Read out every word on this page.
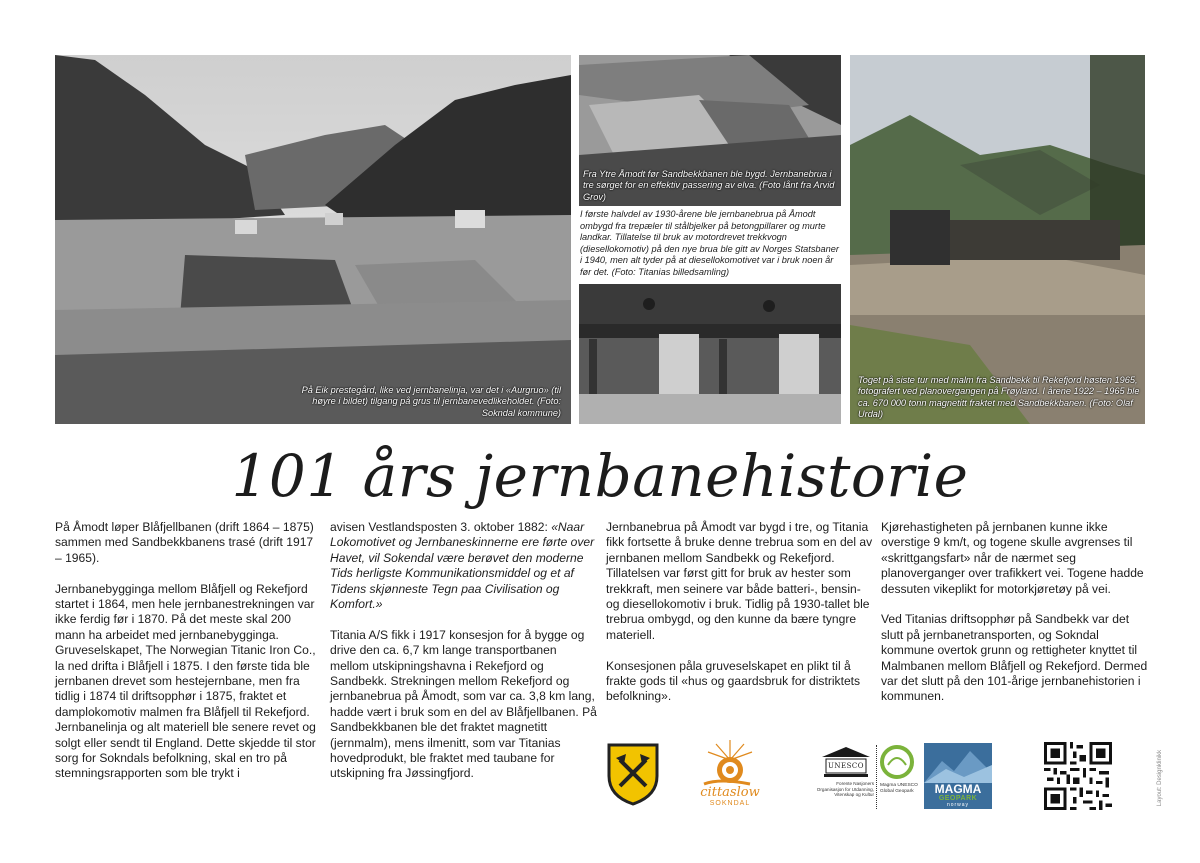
På Eik prestegård, like ved jernbanelinja, var det i «Aurgruo» (til høyre i bildet) tilgang på grus til jernbanevedlikeholdet. (Foto: Sokndal kommune)
Fra Ytre Åmodt før Sandbekkbanen ble bygd. Jernbanebrua i tre sørget for en effektiv passering av elva. (Foto lånt fra Arvid Grov)
I første halvdel av 1930-årene ble jernbanebrua på Åmodt ombygd fra trepæler til stålbjelker på betongpillarer og murte landkar. Tillatelse til bruk av motordrevet trekkvogn (diesellokomotiv) på den nye brua ble gitt av Norges Statsbaner i 1940, men alt tyder på at diesellokomotivet var i bruk noen år før det. (Foto: Titanias billedsamling)
Toget på siste tur med malm fra Sandbekk til Rekefjord høsten 1965, fotografert ved planovergangen på Frøyland. I årene 1922 – 1965 ble ca. 670 000 tonn magnetitt fraktet med Sandbekkbanen. (Foto: Olaf Urdal)
101 års jernbanehistorie

På Åmodt løper Blåfjellbanen (drift 1864 – 1875) sammen med Sandbekkbanens trasé (drift 1917 – 1965).

Jernbanebygginga mellom Blåfjell og Rekefjord startet i 1864, men hele jernbanestrekningen var ikke ferdig før i 1870. På det meste skal 200 mann ha arbeidet med jernbanebygginga. Gruveselskapet, The Norwegian Titanic Iron Co., la ned drifta i Blåfjell i 1875. I den første tida ble jernbanen drevet som hestejernbane, men fra tidlig i 1874 til driftsopphør i 1875, fraktet et damplokomotiv malmen fra Blåfjell til Rekefjord. Jernbanelinja og alt materiell ble senere revet og solgt eller sendt til England. Dette skjedde til stor sorg for Sokndals befolkning, skal en tro på stemningsrapporten som ble trykt i

avisen Vestlandsposten 3. oktober 1882: «Naar Lokomotivet og Jernbaneskinnerne ere førte over Havet, vil Sokendal være berøvet den moderne Tids herligste Kommunikationsmiddel og et af Tidens skjønneste Tegn paa Civilisation og Komfort.»

Titania A/S fikk i 1917 konsesjon for å bygge og drive den ca. 6,7 km lange transportbanen mellom utskipningshavna i Rekefjord og Sandbekk. Strekningen mellom Rekefjord og jernbanebrua på Åmodt, som var ca. 3,8 km lang, hadde vært i bruk som en del av Blåfjellbanen. På Sandbekkbanen ble det fraktet magnetitt (jernmalm), mens ilmenitt, som var Titanias hovedprodukt, ble fraktet med taubane for utskipning fra Jøssingfjord.

Jernbanebrua på Åmodt var bygd i tre, og Titania fikk fortsette å bruke denne trebrua som en del av jernbanen mellom Sandbekk og Rekefjord. Tillatelsen var først gitt for bruk av hester som trekkraft, men seinere var både batteri-, bensin- og diesellokomotiv i bruk. Tidlig på 1930-tallet ble trebrua ombygd, og den kunne da bære tyngre materiell.

Konsesjonen påla gruveselskapet en plikt til å frakte gods til «hus og gaardsbruk for distriktets befolkning».

Kjørehastigheten på jernbanen kunne ikke overstige 9 km/t, og togene skulle avgrenses til «skrittgangsfart» når de nærmet seg planoverganger over trafikkert vei. Togene hadde dessuten vikeplikt for motorkjøretøy på vei.

Ved Titanias driftsopphør på Sandbekk var det slutt på jernbanetransporten, og Sokndal kommune overtok grunn og rettigheter knyttet til Malmbanen mellom Blåfjell og Rekefjord. Dermed var det slutt på den 101-årige jernbanehistorien i kommunen.

cittaslow
SOKNDAL
UNESCO
Forente Nasjoners Organisasjon for Utdanning, Vitenskap og Kultur
Magma UNESCO Global Geopark	MAGMA
GEOPARK
norway	Layout: Designklinikk
